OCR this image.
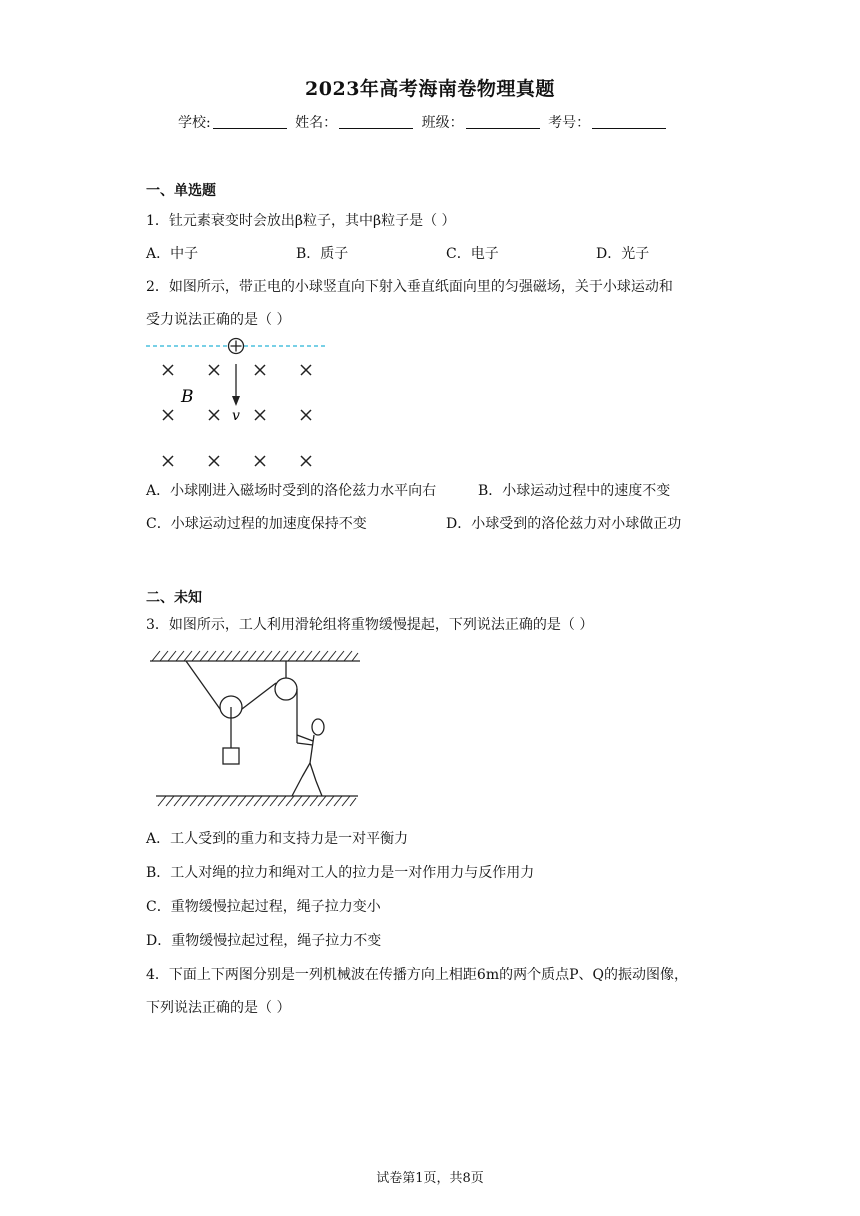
2023年高考海南卷物理真题
学校:	姓名：	班级：	考号：
一、单选题
1．钍元素衰变时会放出β粒子，其中β粒子是（ ）
A．中子	B．质子	C．电子	D．光子
2．如图所示，带正电的小球竖直向下射入垂直纸面向里的匀强磁场，关于小球运动和
受力说法正确的是（ ）
B
v
A．小球刚进入磁场时受到的洛伦兹力水平向右	B．小球运动过程中的速度不变
C．小球运动过程的加速度保持不变	D．小球受到的洛伦兹力对小球做正功
二、未知
3．如图所示，工人利用滑轮组将重物缓慢提起，下列说法正确的是（ ）
A．工人受到的重力和支持力是一对平衡力
B．工人对绳的拉力和绳对工人的拉力是一对作用力与反作用力
C．重物缓慢拉起过程，绳子拉力变小
D．重物缓慢拉起过程，绳子拉力不变
4．下面上下两图分别是一列机械波在传播方向上相距6m的两个质点P、Q的振动图像，
下列说法正确的是（ ）
试卷第1页，共8页
